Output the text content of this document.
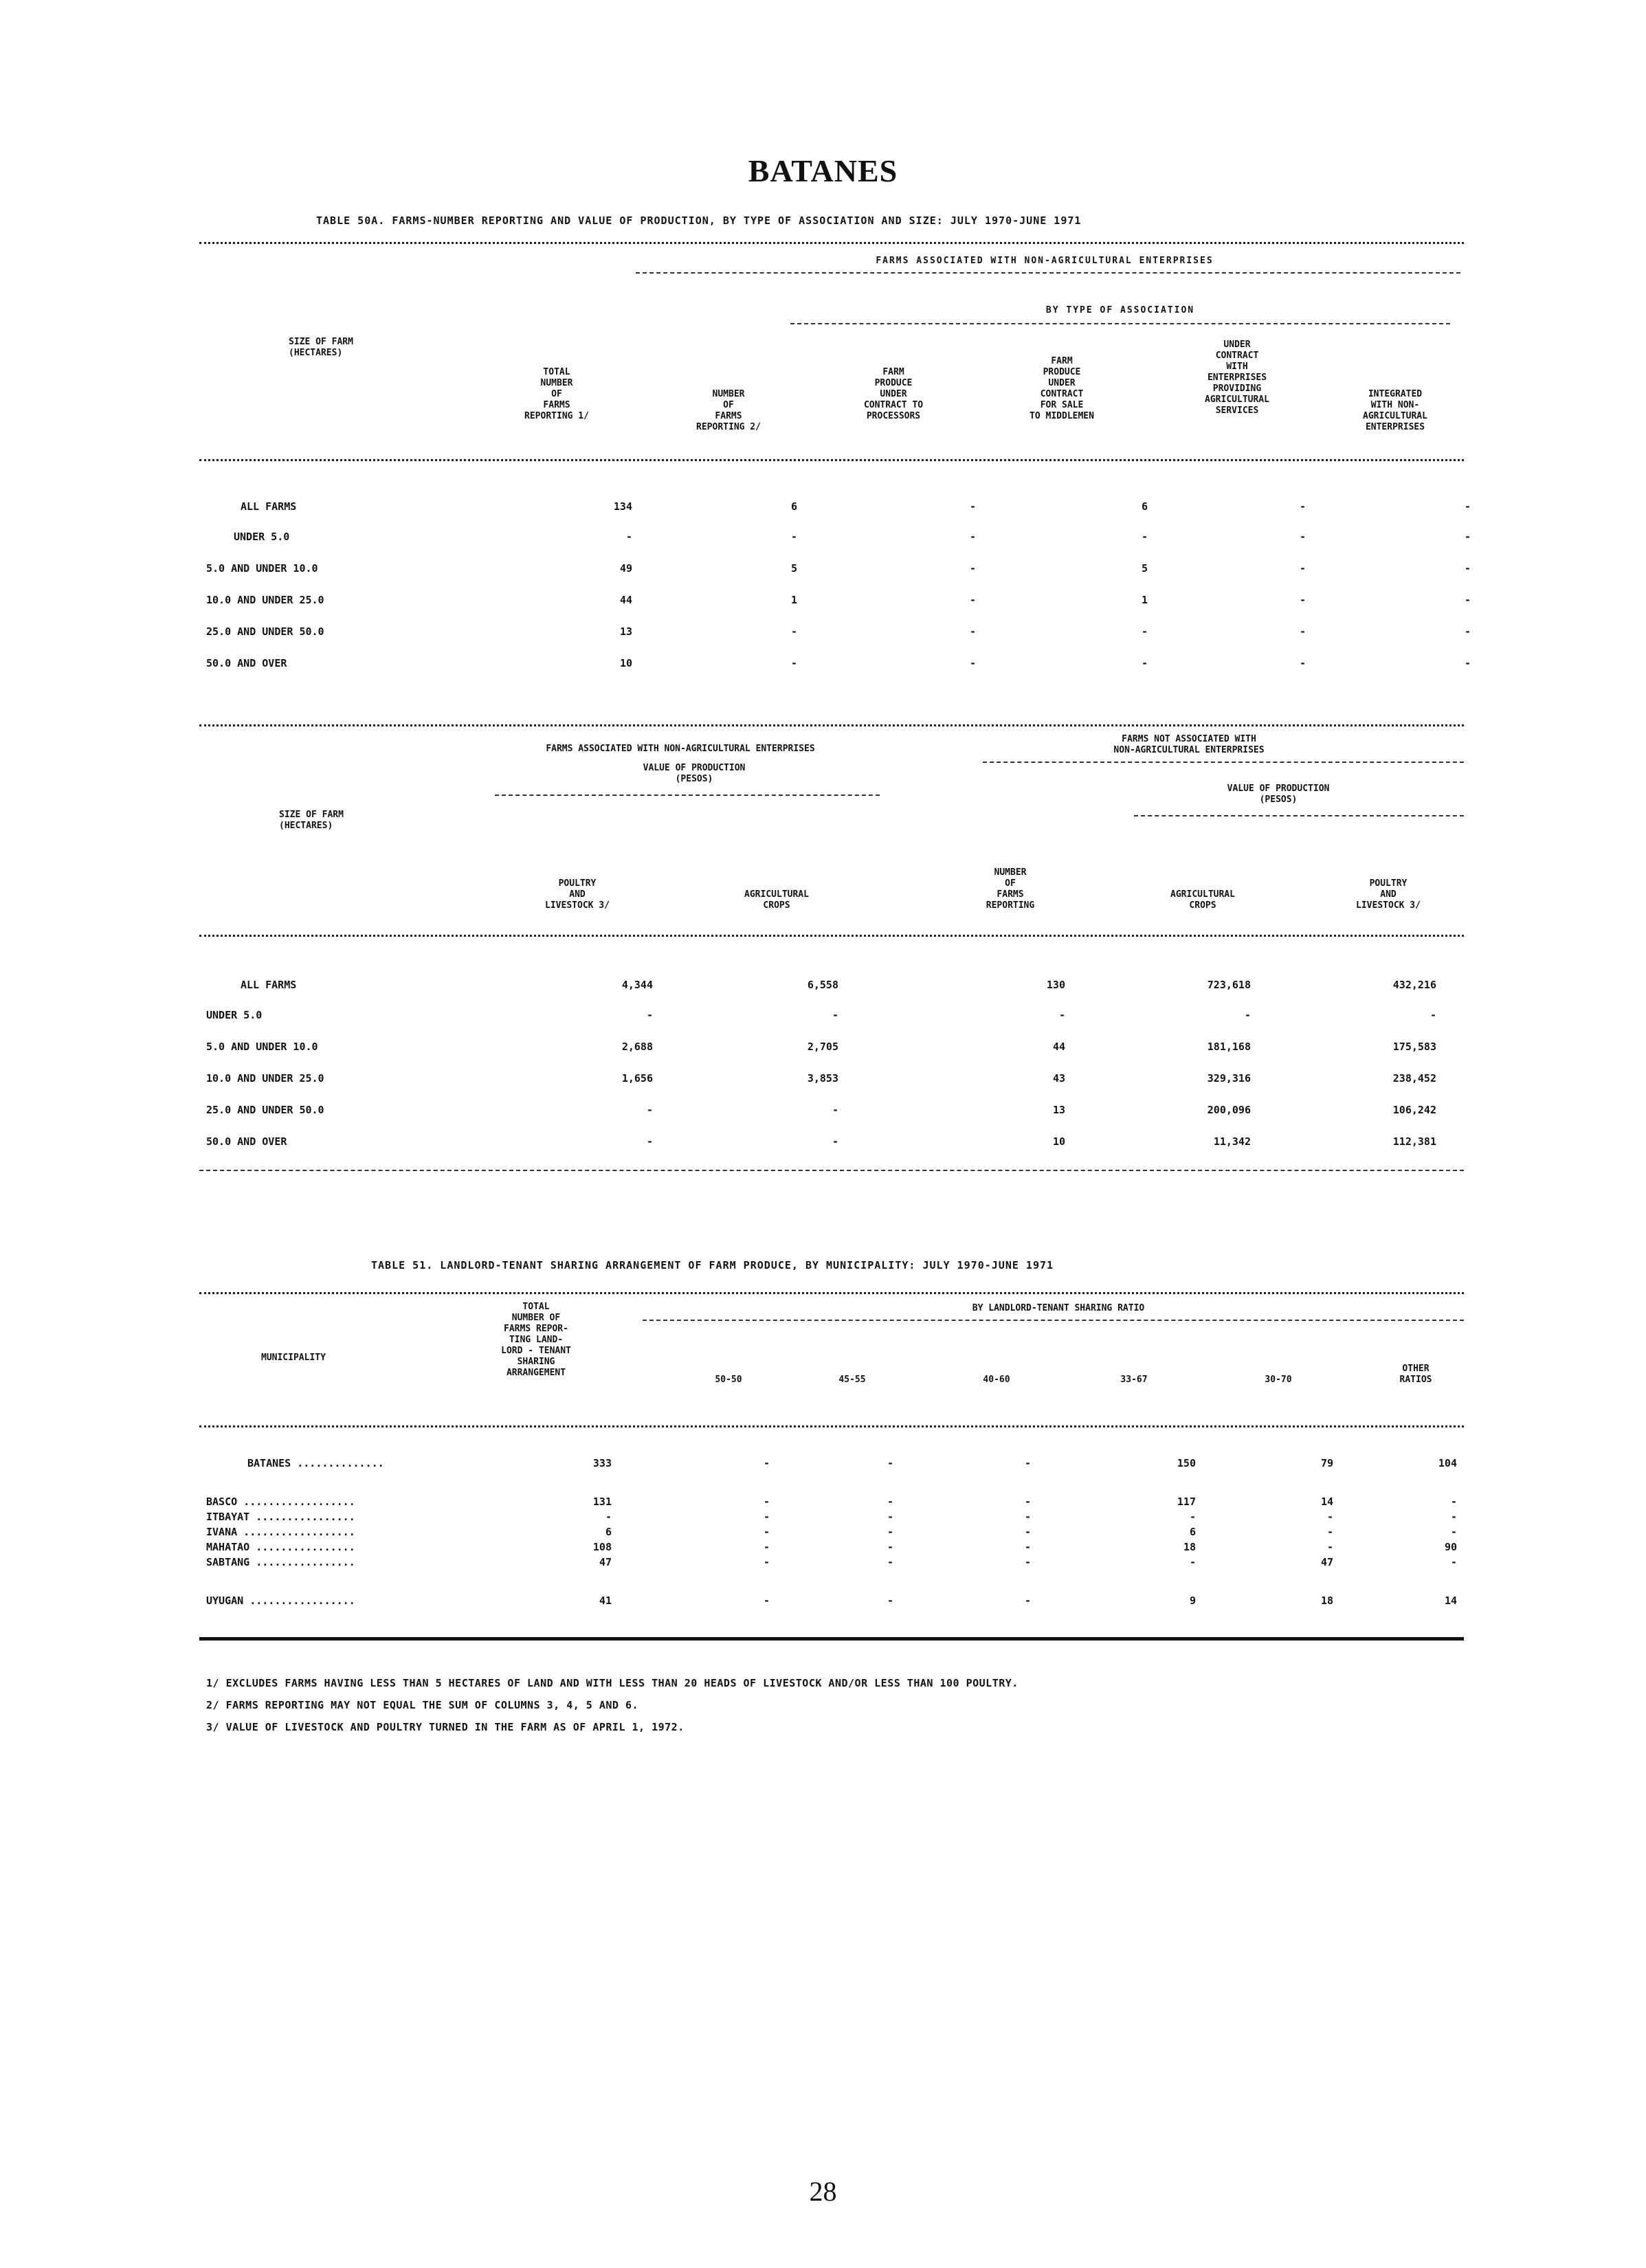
BATANES
TABLE 50A. FARMS-NUMBER REPORTING AND VALUE OF PRODUCTION, BY TYPE OF ASSOCIATION AND SIZE: JULY 1970-JUNE 1971
FARMS ASSOCIATED WITH NON-AGRICULTURAL ENTERPRISES
BY TYPE OF ASSOCIATION
SIZE OF FARM
(HECTARES)
TOTAL
NUMBER
OF
FARMS
REPORTING 1/
NUMBER
OF
FARMS
REPORTING 2/
FARM
PRODUCE
UNDER
CONTRACT TO
PROCESSORS
FARM
PRODUCE
UNDER
CONTRACT
FOR SALE
TO MIDDLEMEN
UNDER
CONTRACT
WITH
ENTERPRISES
PROVIDING
AGRICULTURAL
SERVICES
INTEGRATED
WITH NON-
AGRICULTURAL
ENTERPRISES
ALL FARMS	134	6	-	6	-	-
UNDER 5.0	-	-	-	-	-	-
5.0 AND UNDER 10.0	49	5	-	5	-	-
10.0 AND UNDER 25.0	44	1	-	1	-	-
25.0 AND UNDER 50.0	13	-	-	-	-	-
50.0 AND OVER	10	-	-	-	-	-
FARMS ASSOCIATED WITH NON-AGRICULTURAL ENTERPRISES
VALUE OF PRODUCTION
(PESOS)
FARMS NOT ASSOCIATED WITH
NON-AGRICULTURAL ENTERPRISES
VALUE OF PRODUCTION
(PESOS)
SIZE OF FARM
(HECTARES)
POULTRY
AND
LIVESTOCK 3/
AGRICULTURAL
CROPS
NUMBER
OF
FARMS
REPORTING
AGRICULTURAL
CROPS
POULTRY
AND
LIVESTOCK 3/
ALL FARMS	4,344	6,558	130	723,618	432,216
UNDER 5.0	-	-	-	-	-
5.0 AND UNDER 10.0	2,688	2,705	44	181,168	175,583
10.0 AND UNDER 25.0	1,656	3,853	43	329,316	238,452
25.0 AND UNDER 50.0	-	-	13	200,096	106,242
50.0 AND OVER	-	-	10	11,342	112,381
TABLE 51. LANDLORD-TENANT SHARING ARRANGEMENT OF FARM PRODUCE, BY MUNICIPALITY: JULY 1970-JUNE 1971
TOTAL
NUMBER OF
FARMS REPOR-
TING LAND-
LORD - TENANT
SHARING
ARRANGEMENT
BY LANDLORD-TENANT SHARING RATIO
MUNICIPALITY
50-50	45-55	40-60	33-67	30-70
OTHER
RATIOS
BATANES ..............	333	-	-	-	150	79	104
BASCO ..................	131	-	-	-	117	14	-
ITBAYAT ................	-	-	-	-	-	-	-
IVANA ..................	6	-	-	-	6	-	-
MAHATAO ................	108	-	-	-	18	-	90
SABTANG ................	47	-	-	-	-	47	-
UYUGAN .................	41	-	-	-	9	18	14
1/ EXCLUDES FARMS HAVING LESS THAN 5 HECTARES OF LAND AND WITH LESS THAN 20 HEADS OF LIVESTOCK AND/OR LESS THAN 100 POULTRY.
2/ FARMS REPORTING MAY NOT EQUAL THE SUM OF COLUMNS 3, 4, 5 AND 6.
3/ VALUE OF LIVESTOCK AND POULTRY TURNED IN THE FARM AS OF APRIL 1, 1972.
28
